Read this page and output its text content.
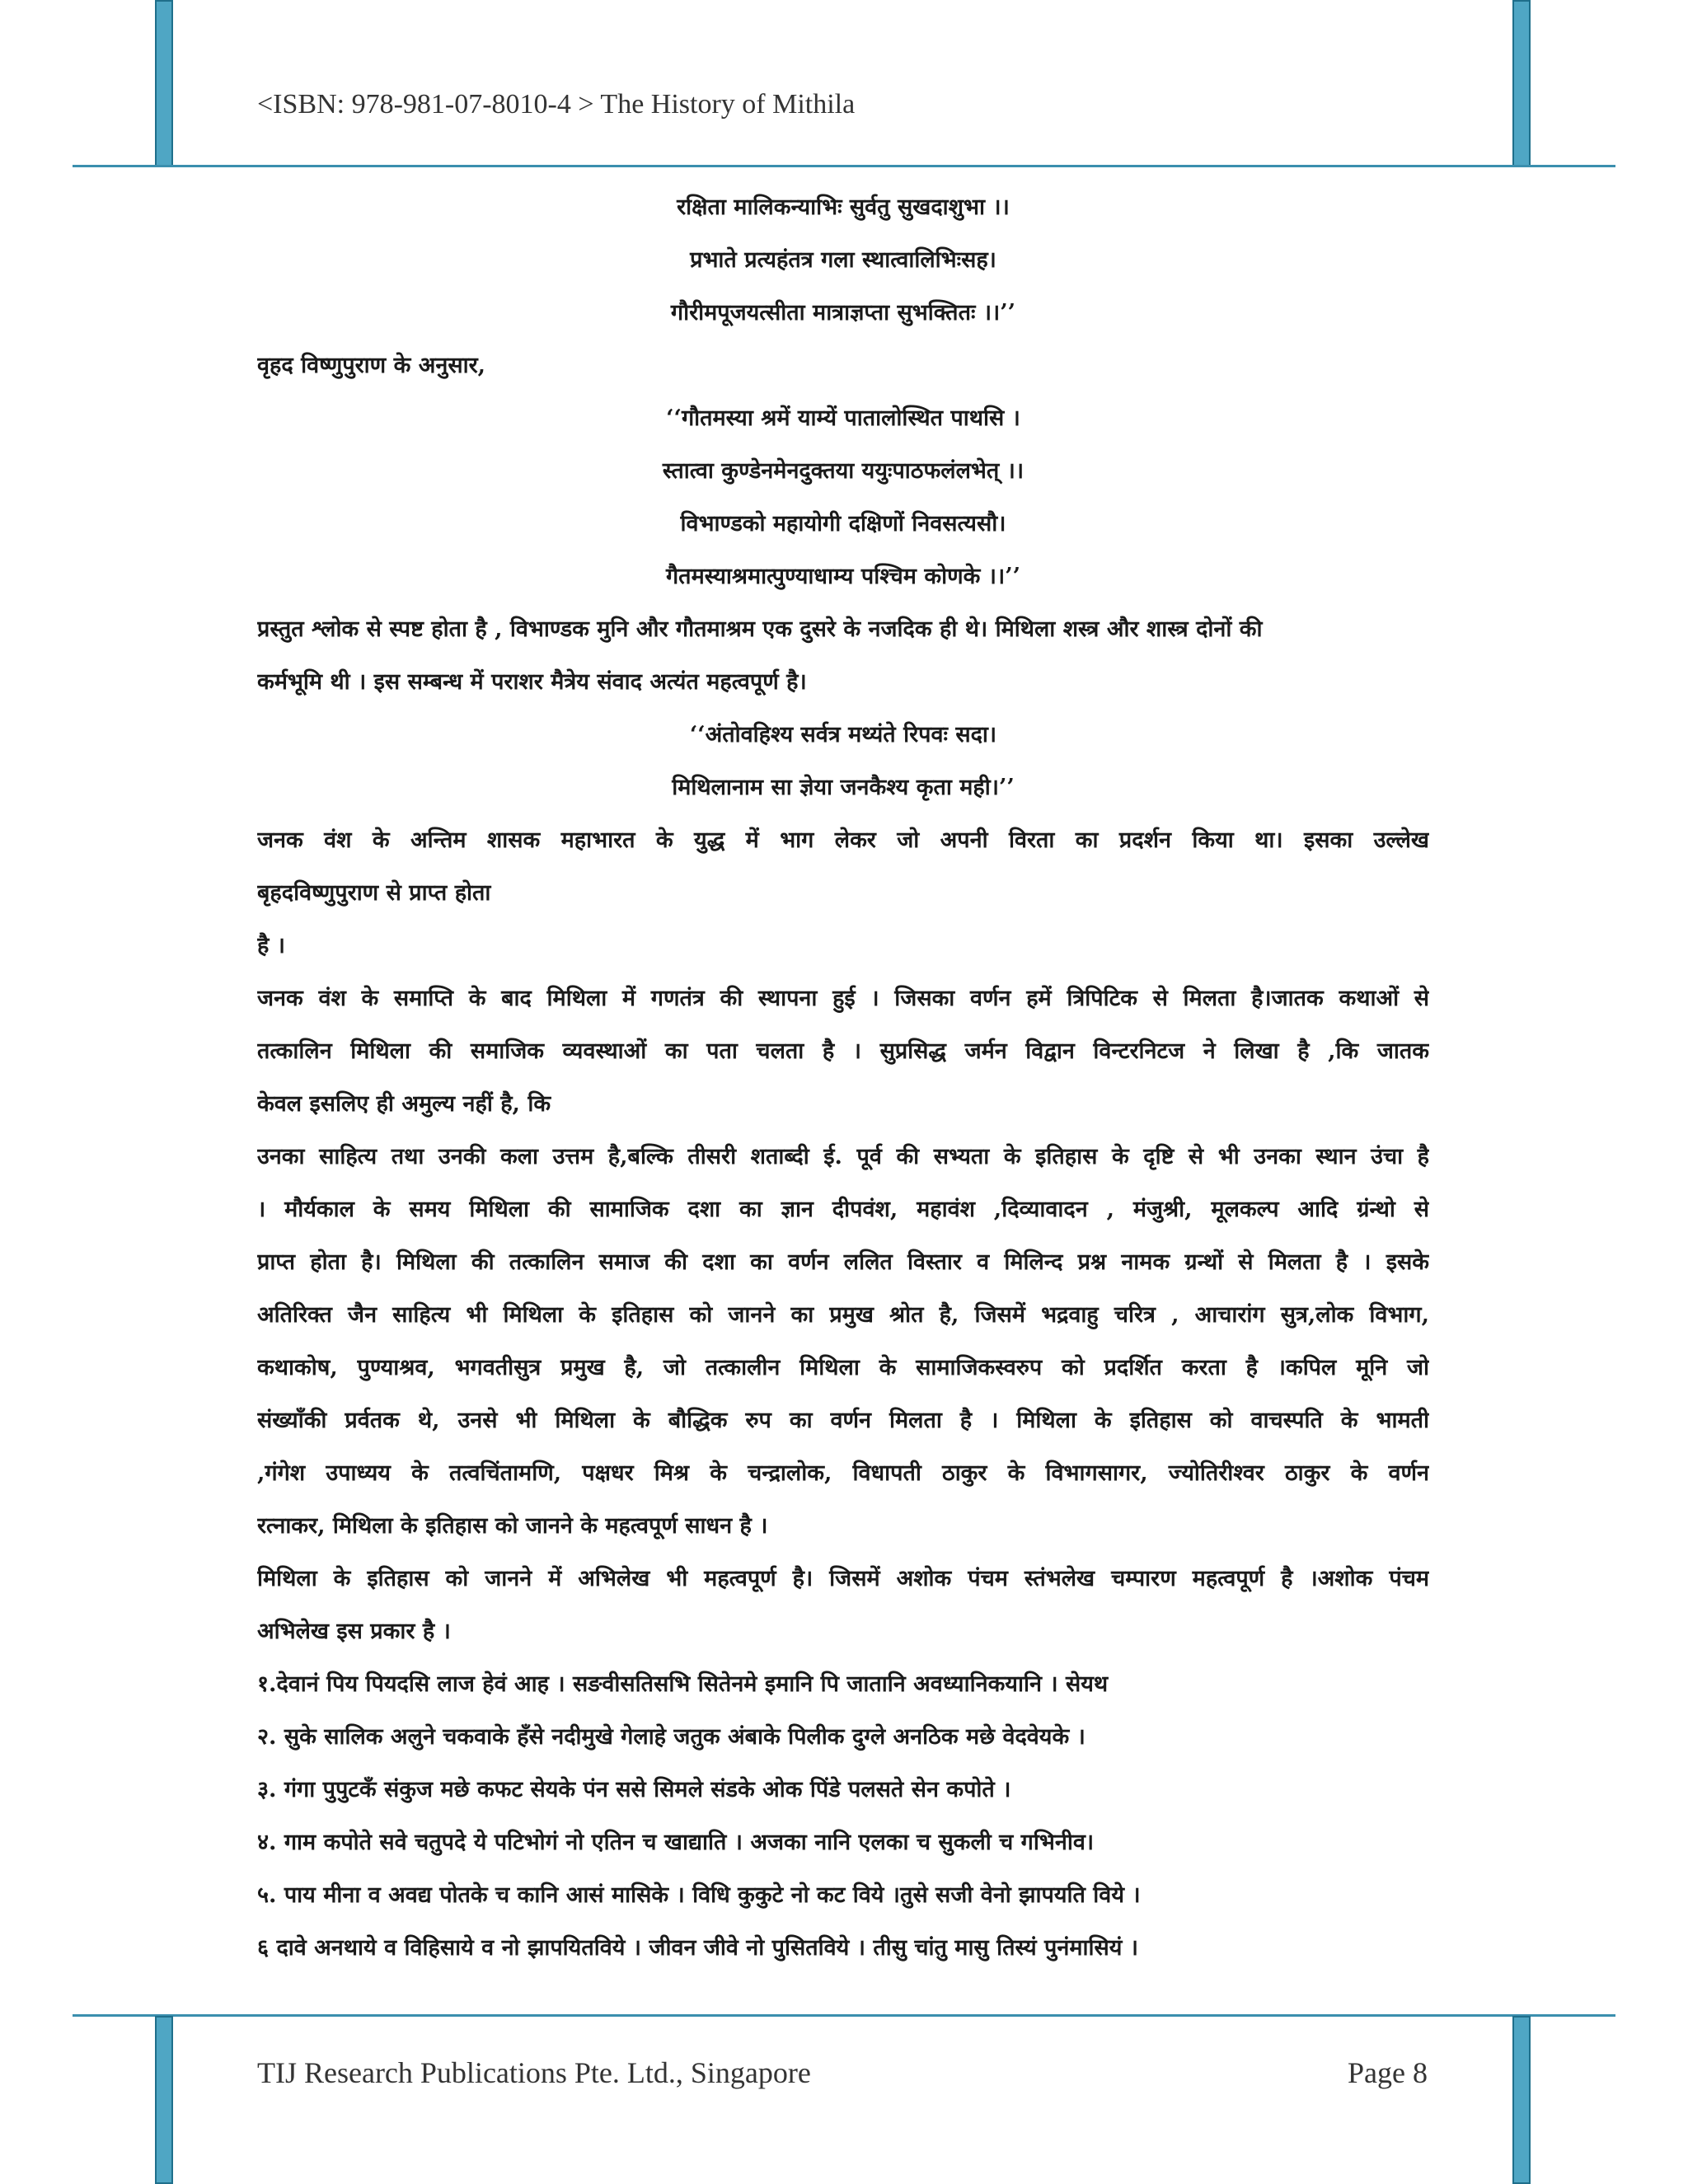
<ISBN: 978-981-07-8010-4 > The History of Mithila
रक्षिता मालिकन्याभिः सुर्वतु सुखदाशुभा ।।
प्रभाते प्रत्यहंतत्र गला स्थात्वालिभिःसह।
गौरीमपूजयत्सीता मात्राज्ञप्ता सुभक्तितः ।।’’
वृहद विष्णुपुराण के अनुसार,
‘‘गौतमस्या श्रमें याम्यें पातालोस्थित पाथसि ।
स्तात्वा कुण्डेनमेनदुक्तया ययुःपाठफलंलभेत् ।।
विभाण्डको महायोगी दक्षिणों निवसत्यसौ।
गैतमस्याश्रमात्पुण्याधाम्य पश्चिम कोणके ।।’’
प्रस्तुत श्लोक से स्पष्ट होता है , विभाण्डक मुनि और गौतमाश्रम एक दुसरे के नजदिक ही थे। मिथिला शस्त्र और शास्त्र दोनों की
कर्मभूमि थी । इस सम्बन्ध में पराशर मैत्रेय संवाद अत्यंत महत्वपूर्ण है।
‘‘अंतोवहिश्य सर्वत्र मथ्यंते रिपवः सदा।
मिथिलानाम सा ज्ञेया जनकैश्य कृता मही।’’
जनक वंश के अन्तिम शासक महाभारत के युद्ध में भाग लेकर जो अपनी विरता का प्रदर्शन किया था। इसका उल्लेख
बृहदविष्णुपुराण से प्राप्त होता
है ।
जनक वंश के समाप्ति के बाद मिथिला में गणतंत्र की स्थापना हुई । जिसका वर्णन हमें त्रिपिटिक से मिलता है।जातक कथाओं से
तत्कालिन मिथिला की समाजिक व्यवस्थाओं का पता चलता है । सुप्रसिद्ध जर्मन विद्वान विन्टरनिटज ने लिखा है ,कि जातक
केवल इसलिए ही अमुल्य नहीं है, कि
उनका साहित्य तथा उनकी कला उत्तम है,बल्कि तीसरी शताब्दी ई. पूर्व की सभ्यता के इतिहास के दृष्टि से भी उनका स्थान उंचा है
। मौर्यकाल के समय मिथिला की सामाजिक दशा का ज्ञान दीपवंश, महावंश ,दिव्यावादन , मंजुश्री, मूलकल्प आदि ग्रंन्थो से
प्राप्त होता है। मिथिला की तत्कालिन समाज की दशा का वर्णन ललित विस्तार व मिलिन्द प्रश्न नामक ग्रन्थों से मिलता है । इसके
अतिरिक्त जैन साहित्य भी मिथिला के इतिहास को जानने का प्रमुख श्रोत है, जिसमें भद्रवाहु चरित्र , आचारांग सुत्र,लोक विभाग,
कथाकोष, पुण्याश्रव, भगवतीसुत्र प्रमुख है, जो तत्कालीन मिथिला के सामाजिकस्वरुप को प्रदर्शित करता है ।कपिल मूनि जो
संख्याँकी प्रर्वतक थे, उनसे भी मिथिला के बौद्धिक रुप का वर्णन मिलता है । मिथिला के इतिहास को वाचस्पति के भामती
,गंगेश उपाध्यय के तत्वचिंतामणि, पक्षधर मिश्र के चन्द्रालोक, विधापती ठाकुर के विभागसागर, ज्योतिरीश्वर ठाकुर के वर्णन
रत्नाकर, मिथिला के इतिहास को जानने के महत्वपूर्ण साधन है ।
मिथिला के इतिहास को जानने में अभिलेख भी महत्वपूर्ण है। जिसमें अशोक पंचम स्तंभलेख चम्पारण महत्वपूर्ण है ।अशोक पंचम
अभिलेख इस प्रकार है ।
१.देवानं पिय पियदसि लाज हेवं आह । सङवीसतिसभि सितेनमे इमानि पि जातानि अवध्यानिकयानि । सेयथ
२. सुके सालिक अलुने चकवाके हँसे नदीमुखे गेलाहे जतुक अंबाके पिलीक दुग्ले अनठिक मछे वेदवेयके ।
३. गंगा पुपुटकँ संकुज मछे कफट सेयके पंन ससे सिमले संडके ओक पिंडे पलसते सेन कपोते ।
४. गाम कपोते सवे चतुपदे ये पटिभोगं नो एतिन च खाद्याति । अजका नानि एलका च सुकली च गभिनीव।
५. पाय मीना व अवद्य पोतके च कानि आसं मासिके । विधि कुकुटे नो कट विये ।तुसे सजी वेनो झापयति विये ।
६ दावे अनथाये व विहिसाये व नो झापयितविये । जीवन जीवे नो पुसितविये । तीसु चांतु मासु तिस्यं पुनंमासियं ।
TIJ Research Publications Pte. Ltd., Singapore	Page 8
